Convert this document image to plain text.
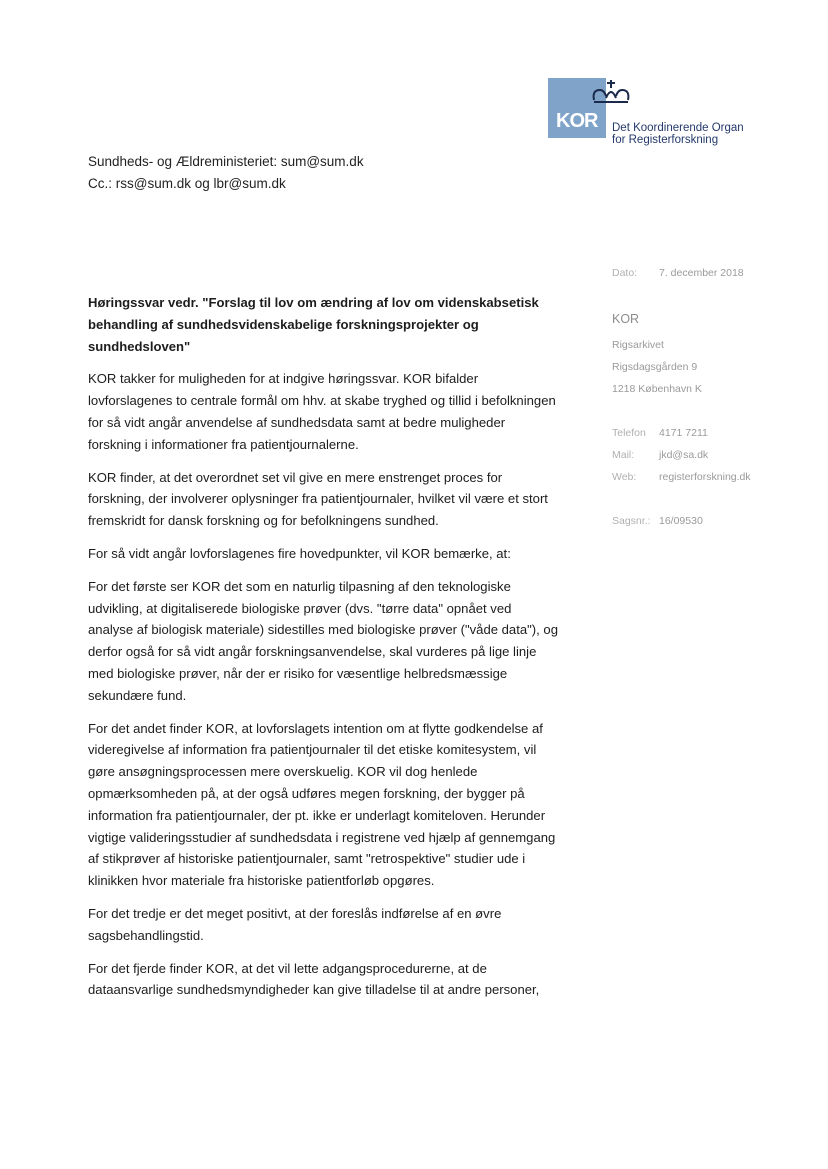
KOR Det Koordinerende Organ
for Registerforskning
Sundheds- og Ældreministeriet: sum@sum.dk
Cc.: rss@sum.dk og lbr@sum.dk
Dato: 7. december 2018
KOR
Rigsarkivet
Rigsdagsgården 9
1218 København K
Telefon 4171 7211
Mail: jkd@sa.dk
Web: registerforskning.dk
Sagsnr.: 16/09530

Høringssvar vedr. "Forslag til lov om ændring af lov om videnskabsetisk behandling af sundhedsvidenskabelige forskningsprojekter og sundhedsloven"

KOR takker for muligheden for at indgive høringssvar. KOR bifalder lovforslagenes to centrale formål om hhv. at skabe tryghed og tillid i befolkningen for så vidt angår anvendelse af sundhedsdata samt at bedre muligheder forskning i informationer fra patientjournalerne.

KOR finder, at det overordnet set vil give en mere enstrenget proces for forskning, der involverer oplysninger fra patientjournaler, hvilket vil være et stort fremskridt for dansk forskning og for befolkningens sundhed.

For så vidt angår lovforslagenes fire hovedpunkter, vil KOR bemærke, at:

For det første ser KOR det som en naturlig tilpasning af den teknologiske udvikling, at digitaliserede biologiske prøver (dvs. "tørre data" opnået ved analyse af biologisk materiale) sidestilles med biologiske prøver ("våde data"), og derfor også for så vidt angår forskningsanvendelse, skal vurderes på lige linje med biologiske prøver, når der er risiko for væsentlige helbredsmæssige sekundære fund.

For det andet finder KOR, at lovforslagets intention om at flytte godkendelse af videregivelse af information fra patientjournaler til det etiske komitesystem, vil gøre ansøgningsprocessen mere overskuelig. KOR vil dog henlede opmærksomheden på, at der også udføres megen forskning, der bygger på information fra patientjournaler, der pt. ikke er underlagt komiteloven. Herunder vigtige valideringsstudier af sundhedsdata i registrene ved hjælp af gennemgang af stikprøver af historiske patientjournaler, samt "retrospektive" studier ude i klinikken hvor materiale fra historiske patientforløb opgøres.

For det tredje er det meget positivt, at der foreslås indførelse af en øvre sagsbehandlingstid.

For det fjerde finder KOR, at det vil lette adgangsprocedurerne, at de dataansvarlige sundhedsmyndigheder kan give tilladelse til at andre personer,
